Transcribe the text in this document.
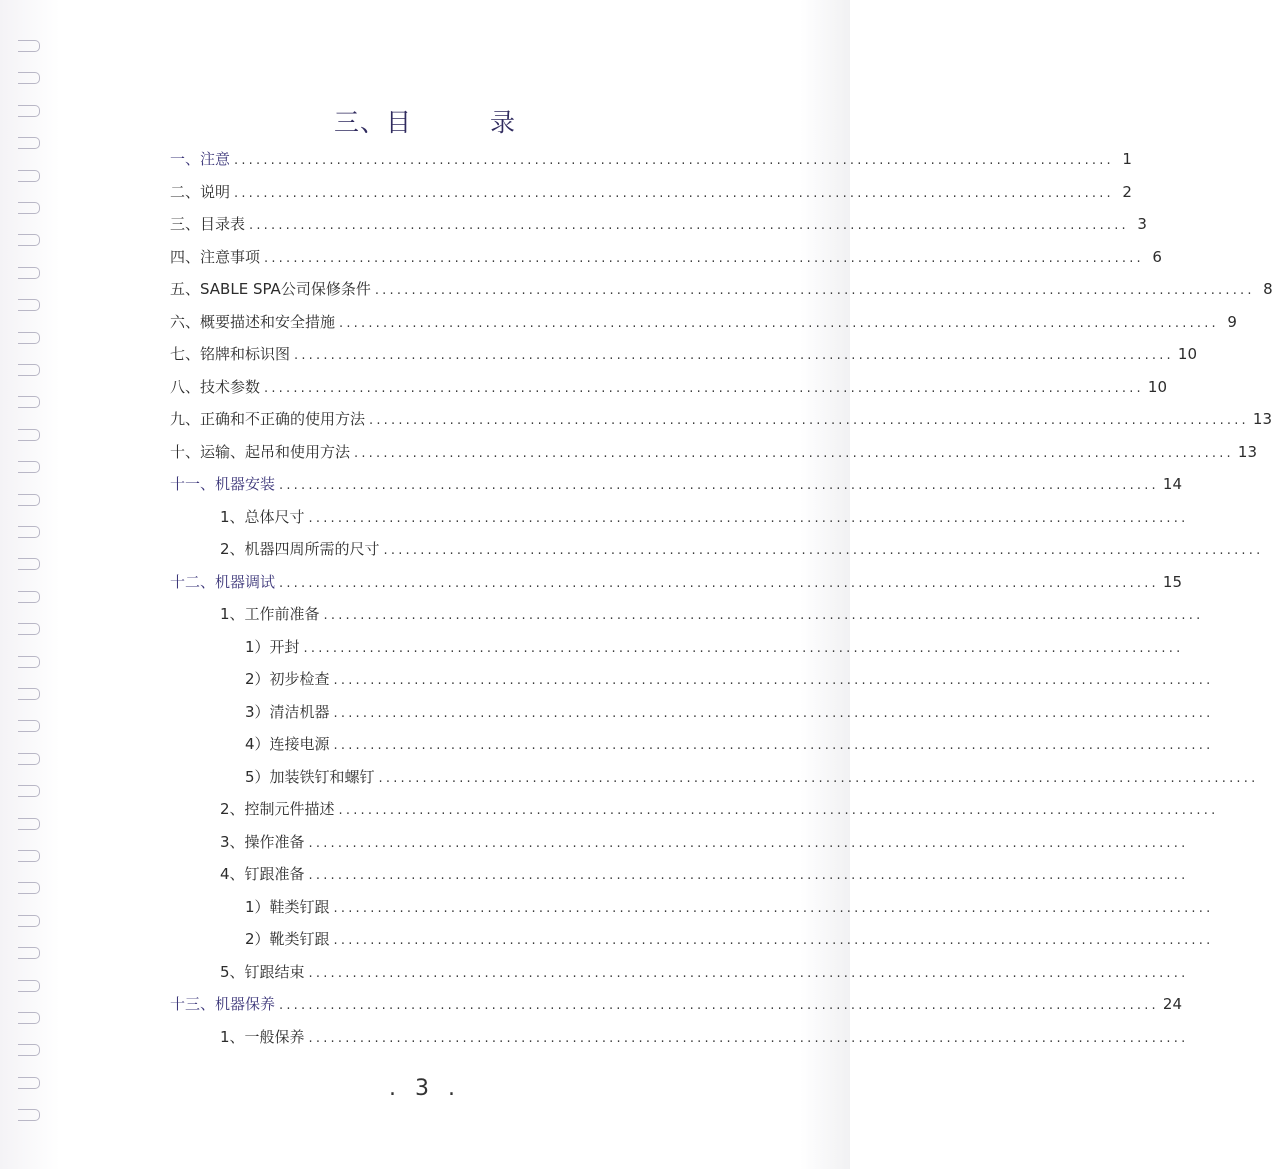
三、目	录
一、注意 ........................................................................................................................ 1
二、说明 ........................................................................................................................ 2
三、目录表 ........................................................................................................................ 3
四、注意事项 ........................................................................................................................ 6
五、SABLE SPA公司保修条件 ........................................................................................................................ 8
六、概要描述和安全措施 ........................................................................................................................ 9
七、铭牌和标识图 ........................................................................................................................ 10
八、技术参数 ........................................................................................................................ 10
九、正确和不正确的使用方法 ........................................................................................................................ 13
十、运输、起吊和使用方法 ........................................................................................................................ 13
十一、机器安装 ........................................................................................................................ 14
1、总体尺寸 ........................................................................................................................
2、机器四周所需的尺寸 ........................................................................................................................
十二、机器调试 ........................................................................................................................ 15
1、工作前准备 ........................................................................................................................
1）开封 ........................................................................................................................
2）初步检查 ........................................................................................................................
3）清洁机器 ........................................................................................................................
4）连接电源 ........................................................................................................................
5）加装铁钉和螺钉 ........................................................................................................................
2、控制元件描述 ........................................................................................................................
3、操作准备 ........................................................................................................................
4、钉跟准备 ........................................................................................................................
1）鞋类钉跟 ........................................................................................................................
2）靴类钉跟 ........................................................................................................................
5、钉跟结束 ........................................................................................................................
十三、机器保养 ........................................................................................................................ 24
1、一般保养 ........................................................................................................................
. 3 .
